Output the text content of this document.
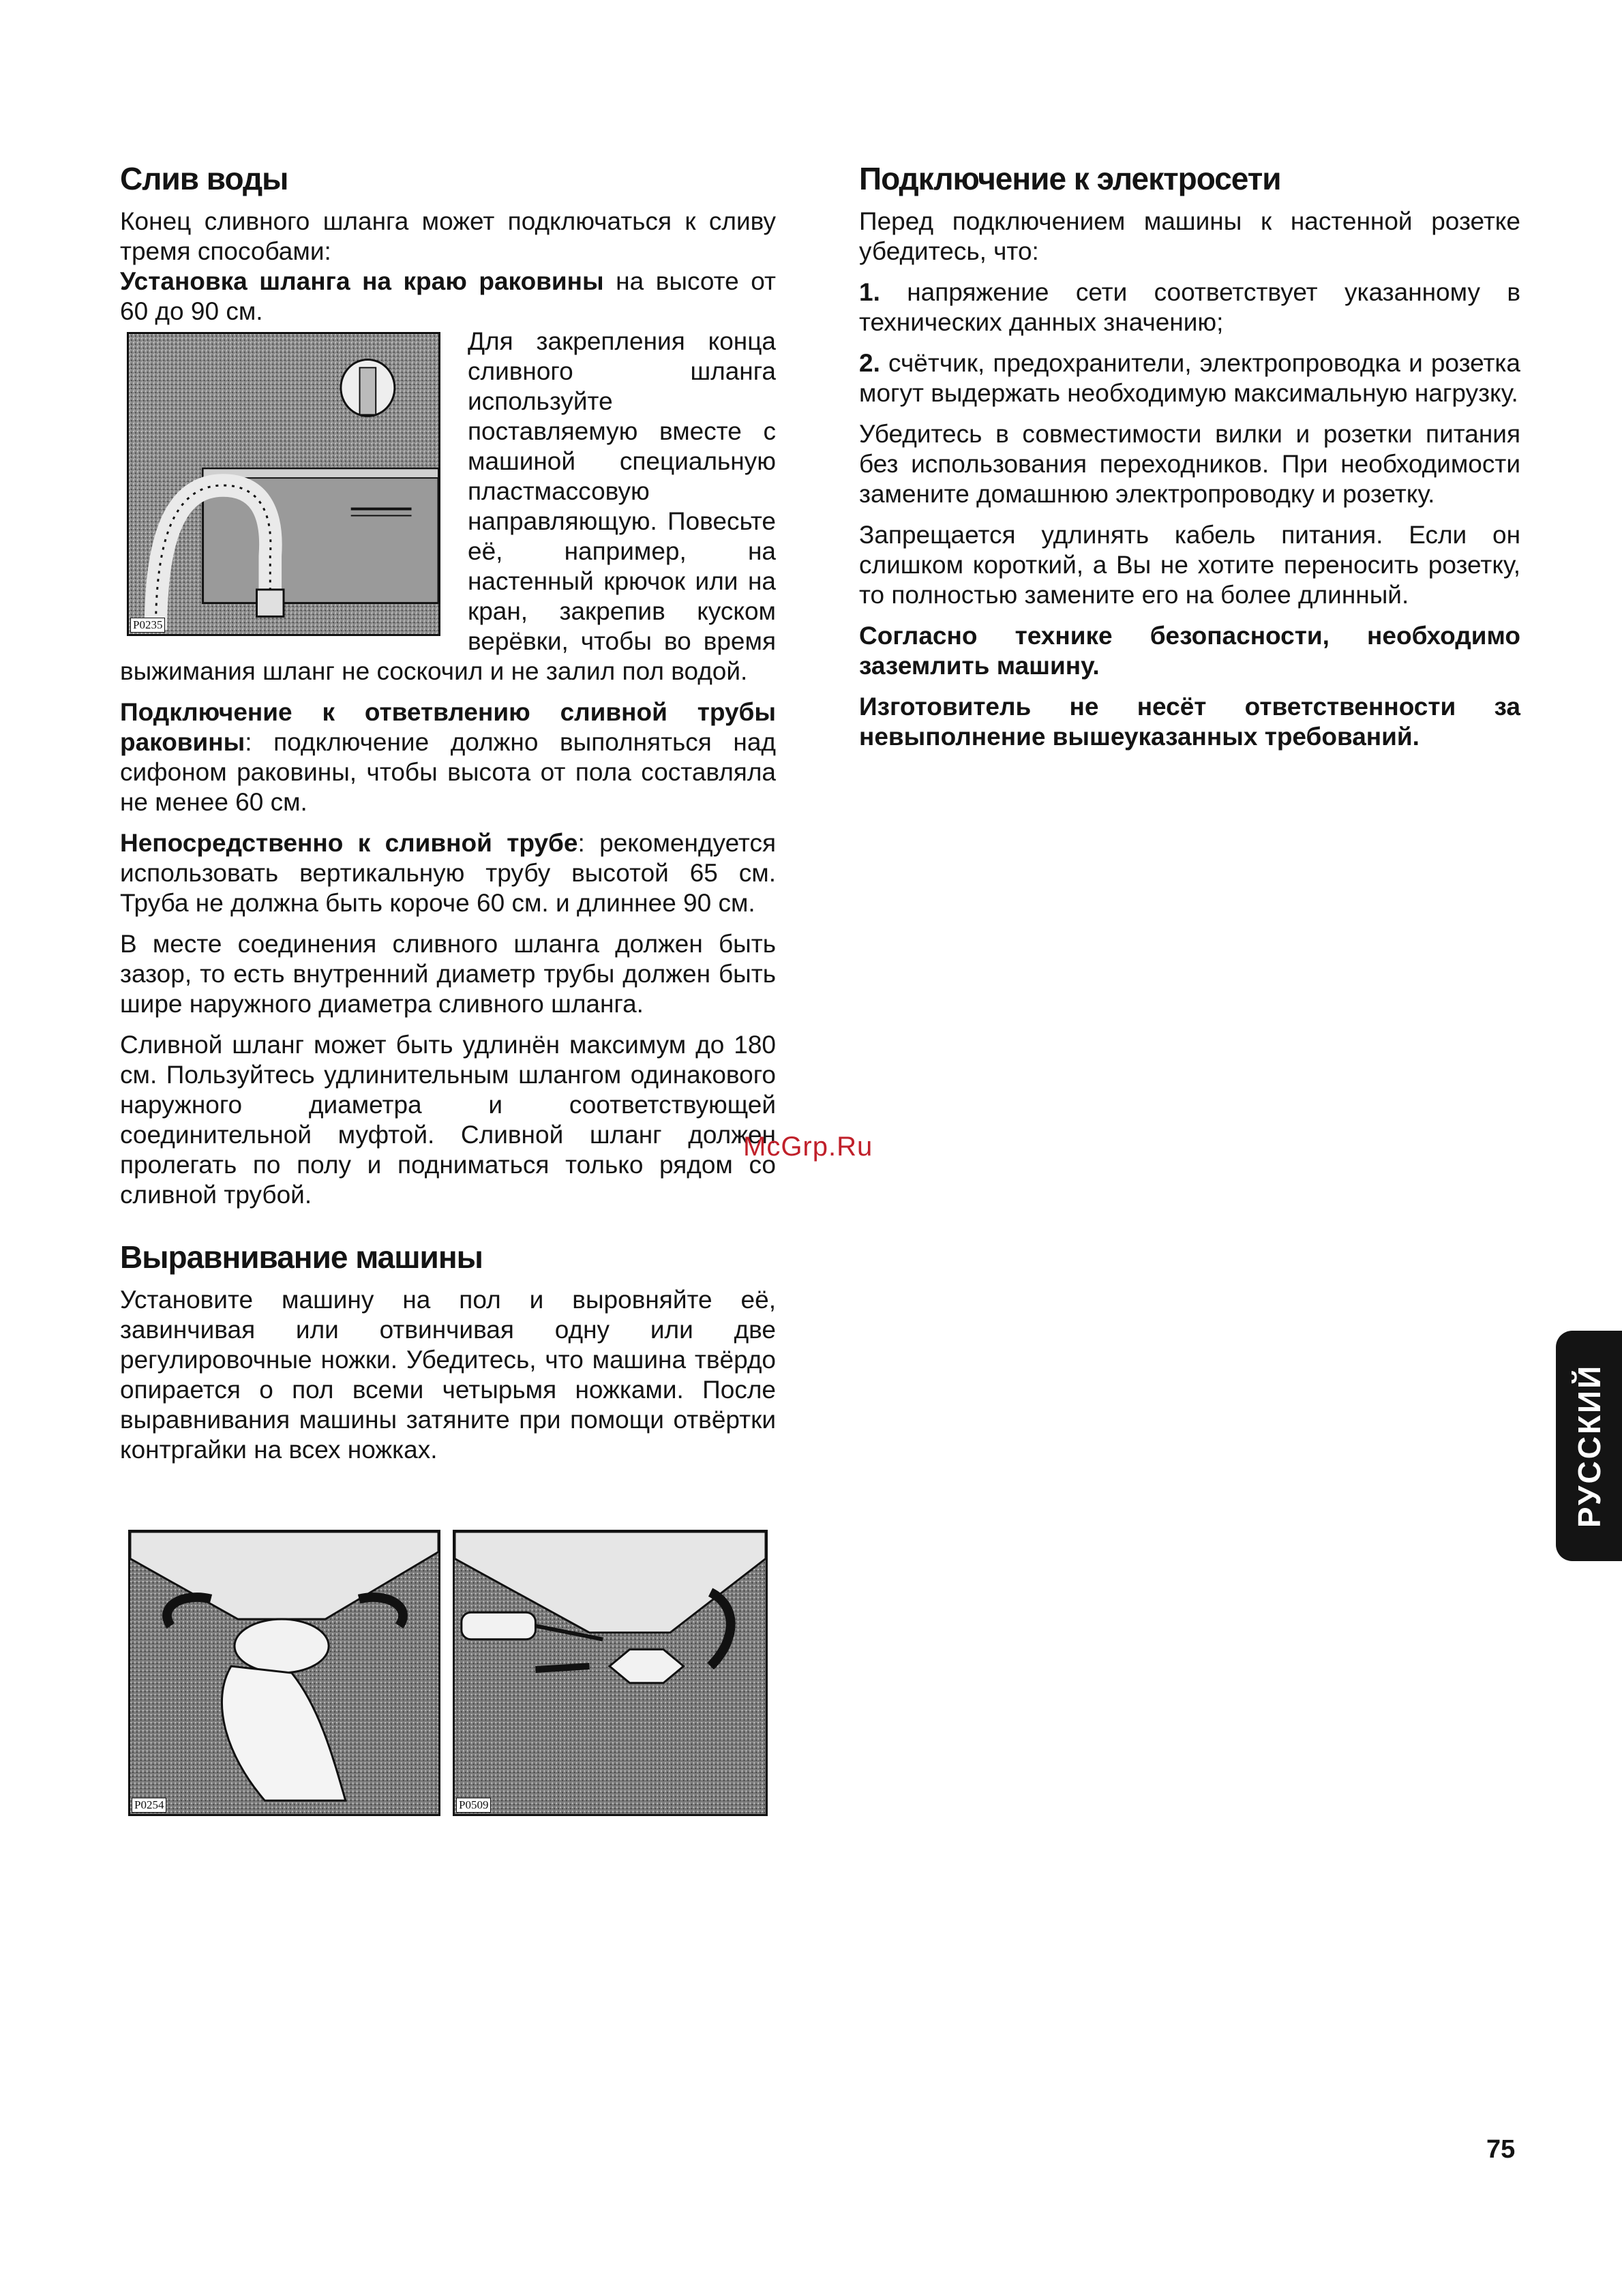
Слив воды

Конец сливного шланга может подключаться к сливу тремя способами:

Установка шланга на краю раковины на высоте от 60 до 90 см.

P0235

Для закрепления конца сливного шланга используйте поставляемую вместе с машиной специальную пластмассовую направляющую. Повесьте её, например, на настенный крючок или на кран, закрепив куском верёвки, чтобы во время выжимания шланг не соскочил и не залил пол водой.

Подключение к ответвлению сливной трубы раковины: подключение должно выполняться над сифоном раковины, чтобы высота от пола составляла не менее 60 см.

Непосредственно к сливной трубе: рекомендуется использовать вертикальную трубу высотой 65 см. Труба не должна быть короче 60 см. и длиннее 90 см.

В месте соединения сливного шланга должен быть зазор, то есть внутренний диаметр трубы должен быть шире наружного диаметра сливного шланга.

Сливной шланг может быть удлинён максимум до 180 см. Пользуйтесь удлинительным шлангом одинакового наружного диаметра и соответствующей соединительной муфтой. Сливной шланг должен пролегать по полу и подниматься только рядом со сливной трубой.

Выравнивание машины

Установите машину на пол и выровняйте её, завинчивая или отвинчивая одну или две регулировочные ножки. Убедитесь, что машина твёрдо опирается о пол всеми четырьмя ножками. После выравнивания машины затяните при помощи отвёртки контргайки на всех ножках.

P0254	P0509
Подключение к электросети

Перед подключением машины к настенной розетке убедитесь, что:

1. напряжение сети соответствует указанному в технических данных значению;

2. счётчик, предохранители, электропроводка и розетка могут выдержать необходимую максимальную нагрузку.

Убедитесь в совместимости вилки и розетки питания без использования переходников. При необходимости замените домашнюю электропроводку и розетку.

Запрещается удлинять кабель питания. Если он слишком короткий, а Вы не хотите переносить розетку, то полностью замените его на более длинный.

Согласно технике безопасности, необходимо заземлить машину.

Изготовитель не несёт ответственности за невыполнение вышеуказанных требований.

McGrp.Ru
РУССКИЙ
75
